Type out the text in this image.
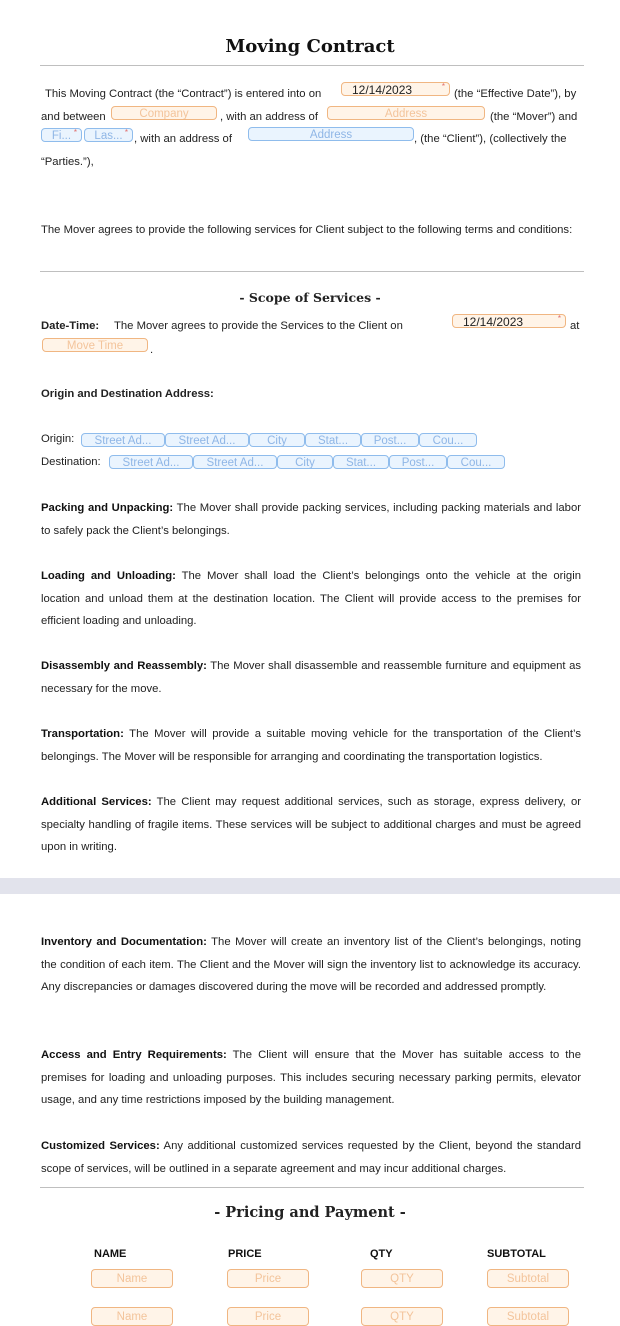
Moving Contract
This Moving Contract (the “Contract”) is entered into on	12/14/2023	*
(the “Effective Date”), by
and between	Company	, with an address of	Address	(the “Mover”) and
Fi... *	Las... *
, with an address of	Address	, (the “Client”), (collectively the
“Parties.”),
The Mover agrees to provide the following services for Client subject to the following terms and conditions:
- Scope of Services -
Date-Time: The Mover agrees to provide the Services to the Client on	12/14/2023	*
at
Move Time	.
Origin and Destination Address:
Origin:	Street Ad...	Street Ad...	City	Stat...	Post...	Cou...
Destination:	Street Ad...	Street Ad...	City	Stat...	Post...	Cou...
Packing and Unpacking: The Mover shall provide packing services, including packing materials and labor to safely pack the Client’s belongings.
Loading and Unloading: The Mover shall load the Client’s belongings onto the vehicle at the origin location and unload them at the destination location. The Client will provide access to the premises for efficient loading and unloading.
Disassembly and Reassembly: The Mover shall disassemble and reassemble furniture and equipment as necessary for the move.
Transportation: The Mover will provide a suitable moving vehicle for the transportation of the Client’s belongings. The Mover will be responsible for arranging and coordinating the transportation logistics.
Additional Services: The Client may request additional services, such as storage, express delivery, or specialty handling of fragile items. These services will be subject to additional charges and must be agreed upon in writing.
Inventory and Documentation: The Mover will create an inventory list of the Client’s belongings, noting the condition of each item. The Client and the Mover will sign the inventory list to acknowledge its accuracy. Any discrepancies or damages discovered during the move will be recorded and addressed promptly.
Access and Entry Requirements: The Client will ensure that the Mover has suitable access to the premises for loading and unloading purposes. This includes securing necessary parking permits, elevator usage, and any time restrictions imposed by the building management.
Customized Services: Any additional customized services requested by the Client, beyond the standard scope of services, will be outlined in a separate agreement and may incur additional charges.
- Pricing and Payment -
NAME	PRICE	QTY	SUBTOTAL
Name	Price	QTY	Subtotal
Name	Price	QTY	Subtotal
